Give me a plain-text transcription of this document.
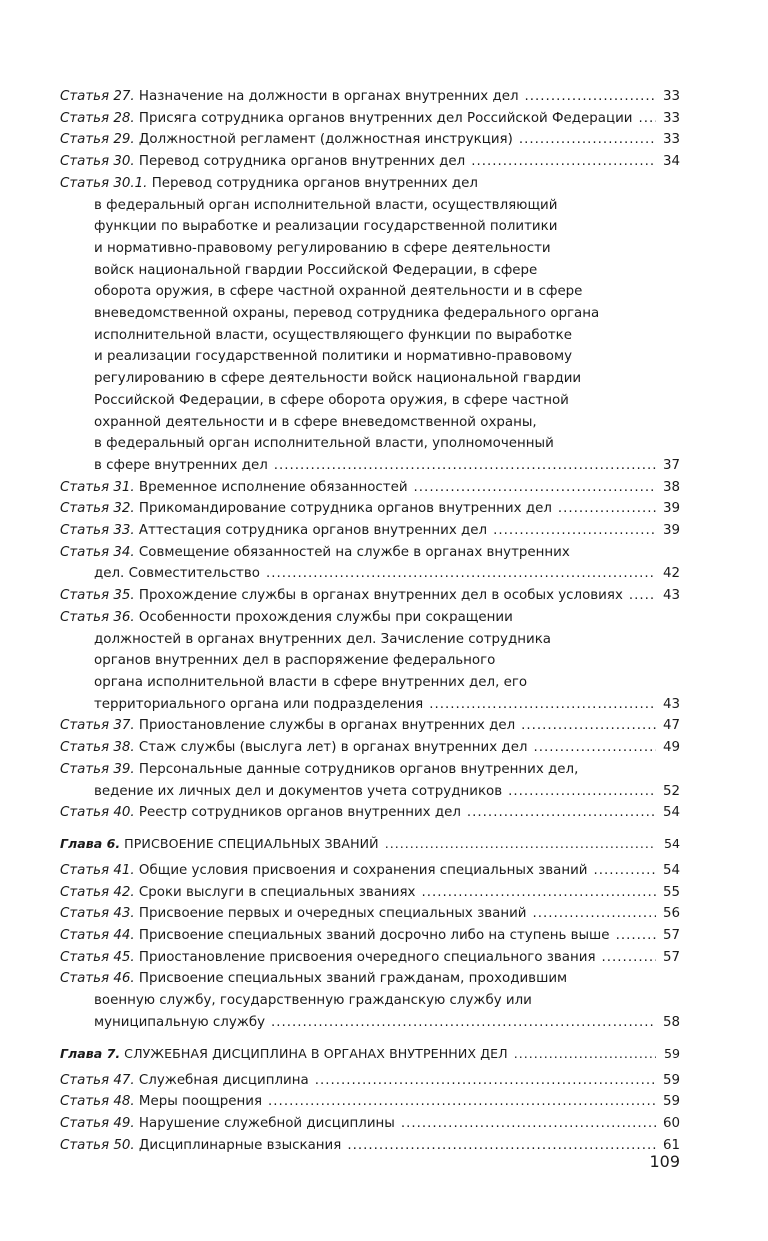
Статья 27. Назначение на должности в органах внутренних дел .....	33
Статья 28. Присяга сотрудника органов внутренних дел Российской Федерации ..... 33
Статья 29. Должностной регламент (должностная инструкция) .....	33
Статья 30. Перевод сотрудника органов внутренних дел .....	34
Статья 30.1. Перевод сотрудника органов внутренних дел
в федеральный орган исполнительной власти, осуществляющий
функции по выработке и реализации государственной политики
и нормативно-правовому регулированию в сфере деятельности
войск национальной гвардии Российской Федерации, в сфере
оборота оружия, в сфере частной охранной деятельности и в сфере
вневедомственной охраны, перевод сотрудника федерального органа
исполнительной власти, осуществляющего функции по выработке
и реализации государственной политики и нормативно-правовому
регулированию в сфере деятельности войск национальной гвардии
Российской Федерации, в сфере оборота оружия, в сфере частной
охранной деятельности и в сфере вневедомственной охраны,
в федеральный орган исполнительной власти, уполномоченный
в сфере внутренних дел .....	37
Статья 31. Временное исполнение обязанностей .....	38
Статья 32. Прикомандирование сотрудника органов внутренних дел .....	39
Статья 33. Аттестация сотрудника органов внутренних дел .....	39
Статья 34. Совмещение обязанностей на службе в органах внутренних
дел. Совместительство .....	42
Статья 35. Прохождение службы в органах внутренних дел в особых условиях .....	43
Статья 36. Особенности прохождения службы при сокращении
должностей в органах внутренних дел. Зачисление сотрудника
органов внутренних дел в распоряжение федерального
органа исполнительной власти в сфере внутренних дел, его
территориального органа или подразделения .....	43
Статья 37. Приостановление службы в органах внутренних дел .....	47
Статья 38. Стаж службы (выслуга лет) в органах внутренних дел .....	49
Статья 39. Персональные данные сотрудников органов внутренних дел,
ведение их личных дел и документов учета сотрудников .....	52
Статья 40. Реестр сотрудников органов внутренних дел .....	54
Глава 6. ПРИСВОЕНИЕ СПЕЦИАЛЬНЫХ ЗВАНИЙ .....	54
Статья 41. Общие условия присвоения и сохранения специальных званий .....	54
Статья 42. Сроки выслуги в специальных званиях .....	55
Статья 43. Присвоение первых и очередных специальных званий .....	56
Статья 44. Присвоение специальных званий досрочно либо на ступень выше .....	57
Статья 45. Приостановление присвоения очередного специального звания .....	57
Статья 46. Присвоение специальных званий гражданам, проходившим
военную службу, государственную гражданскую службу или
муниципальную службу .....	58
Глава 7. СЛУЖЕБНАЯ ДИСЦИПЛИНА В ОРГАНАХ ВНУТРЕННИХ ДЕЛ .....	59
Статья 47. Служебная дисциплина .....	59
Статья 48. Меры поощрения .....	59
Статья 49. Нарушение служебной дисциплины .....	60
Статья 50. Дисциплинарные взыскания .....	61
109
